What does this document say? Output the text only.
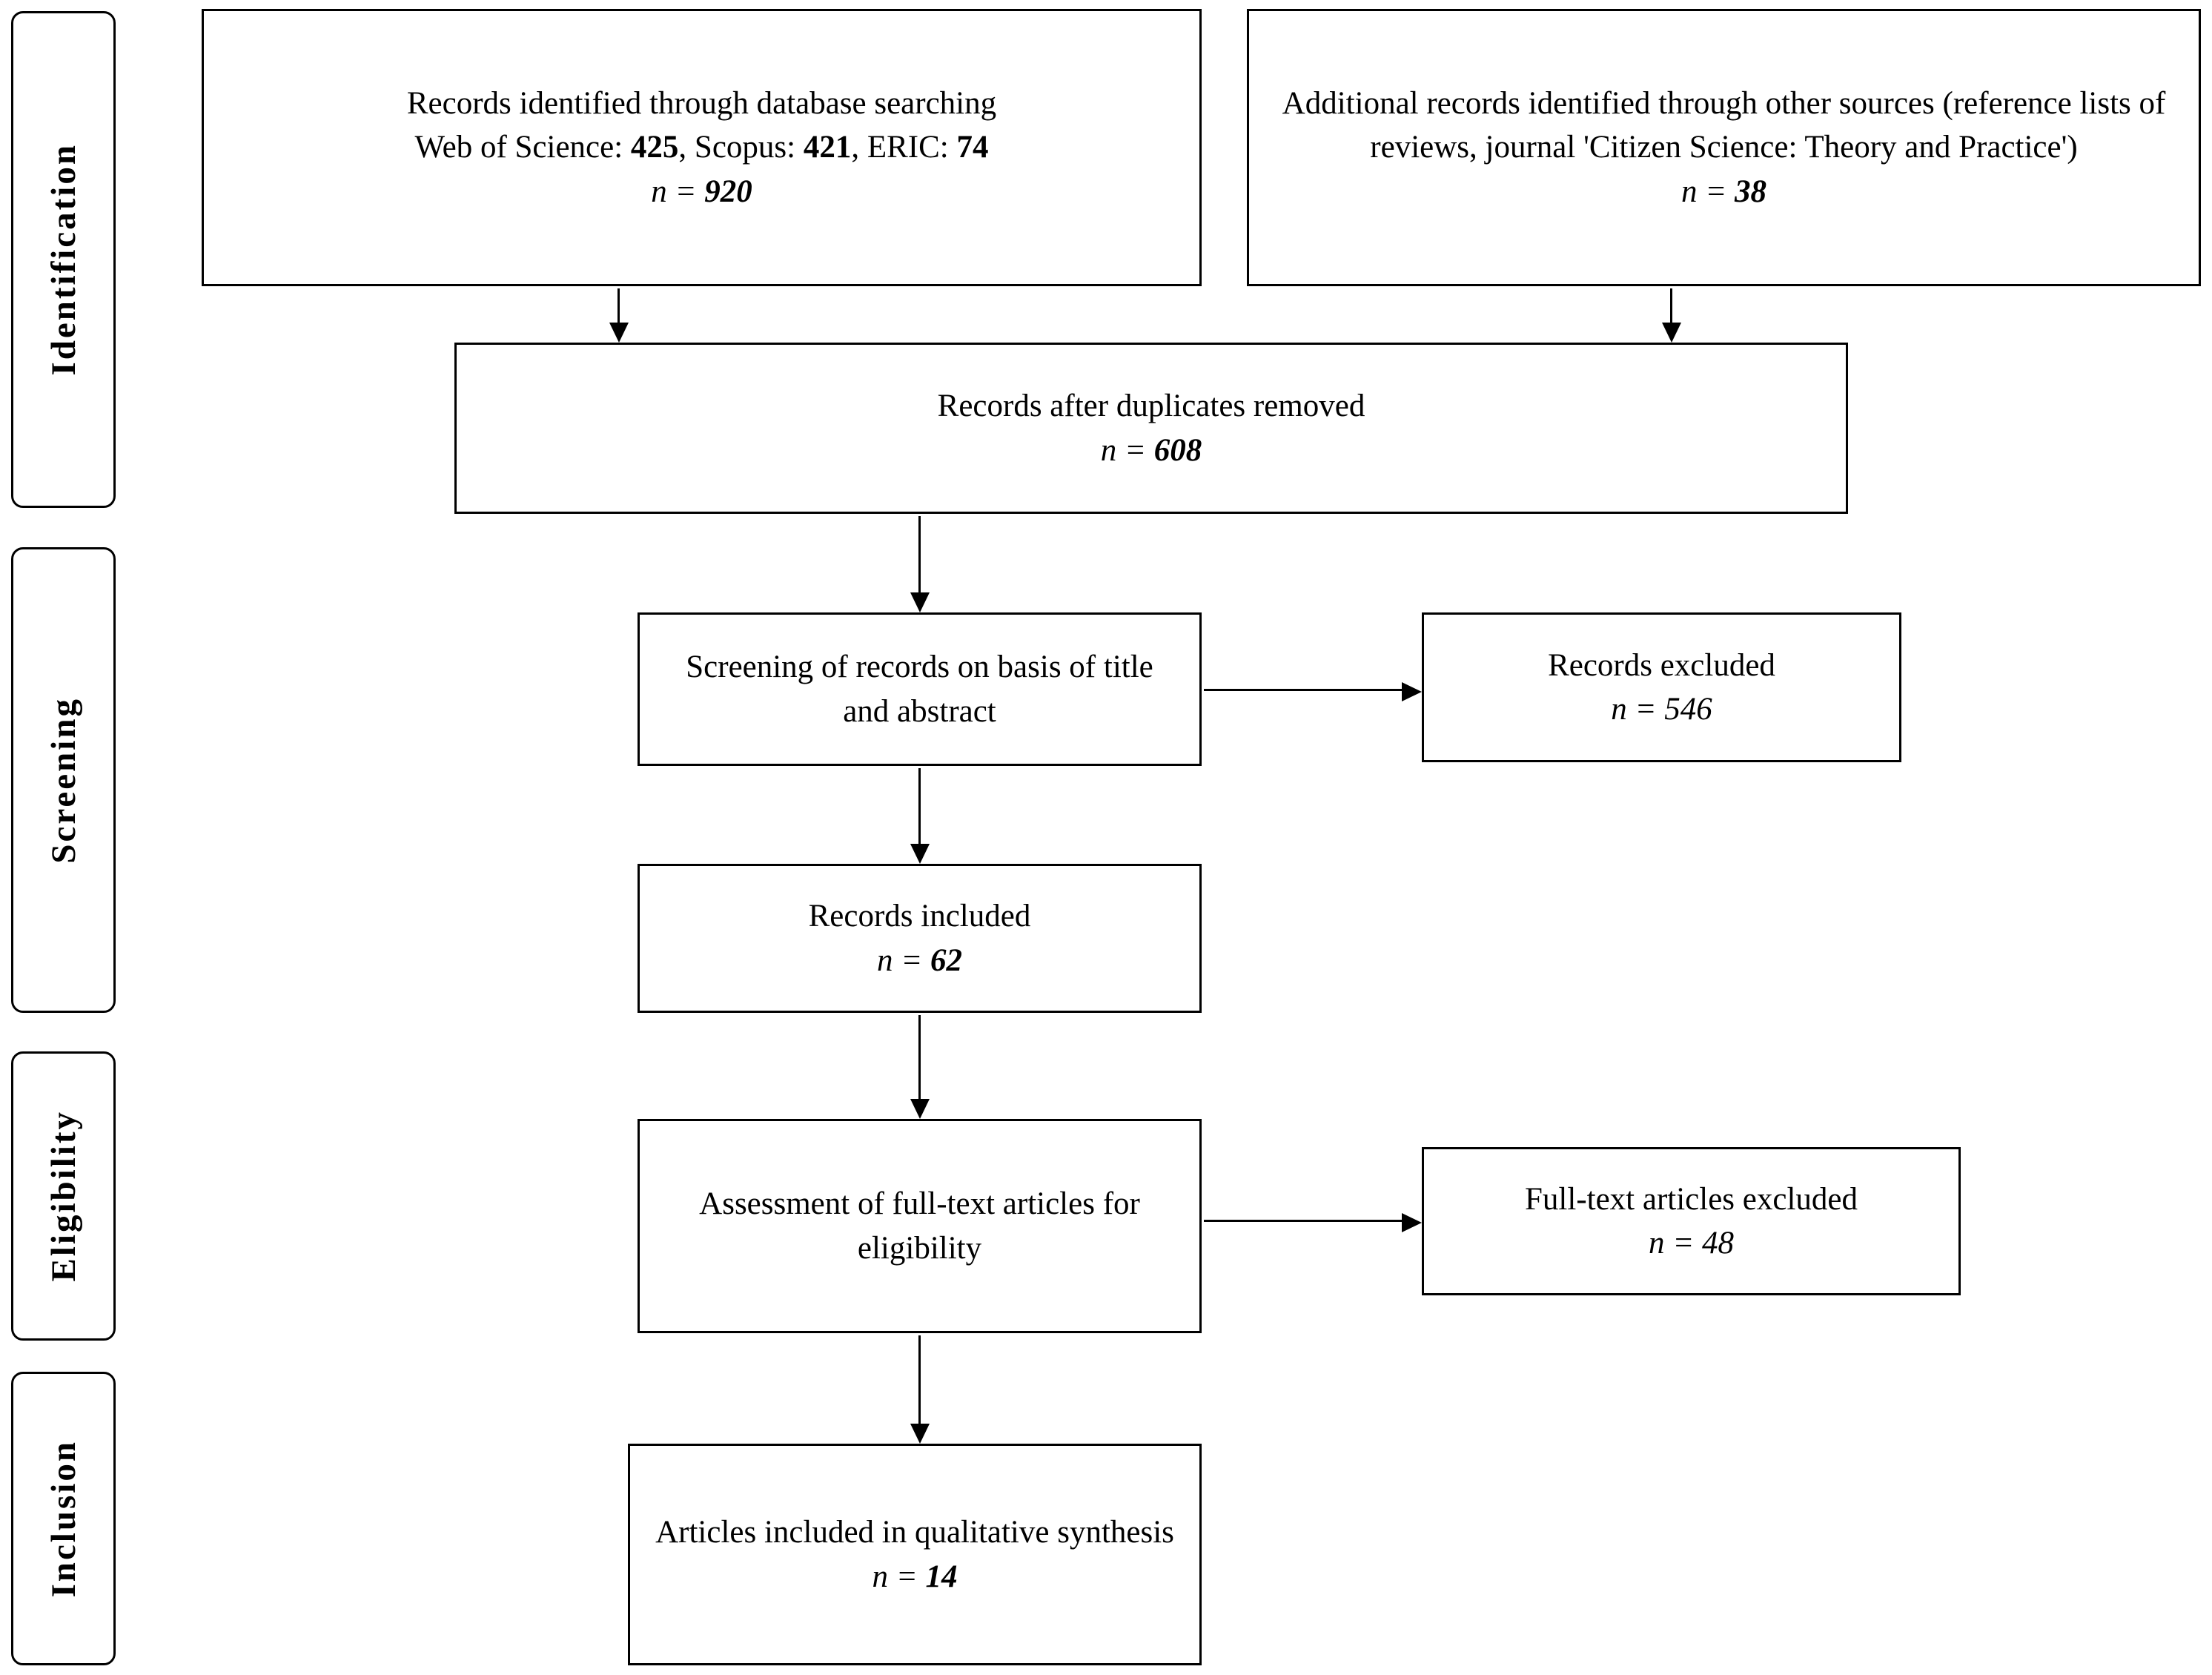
Identification
Screening
Eligibility
Inclusion
Records identified through database searching
Web of Science: 425, Scopus: 421, ERIC: 74
n = 920
Additional records identified through other sources (reference lists of reviews, journal 'Citizen Science: Theory and Practice')
n = 38
Records after duplicates removed
n = 608
Screening of records on basis of title and abstract
Records excluded
n = 546
Records included
n = 62
Assessment of full-text articles for eligibility
Full-text articles excluded
n = 48
Articles included in qualitative synthesis
n = 14
